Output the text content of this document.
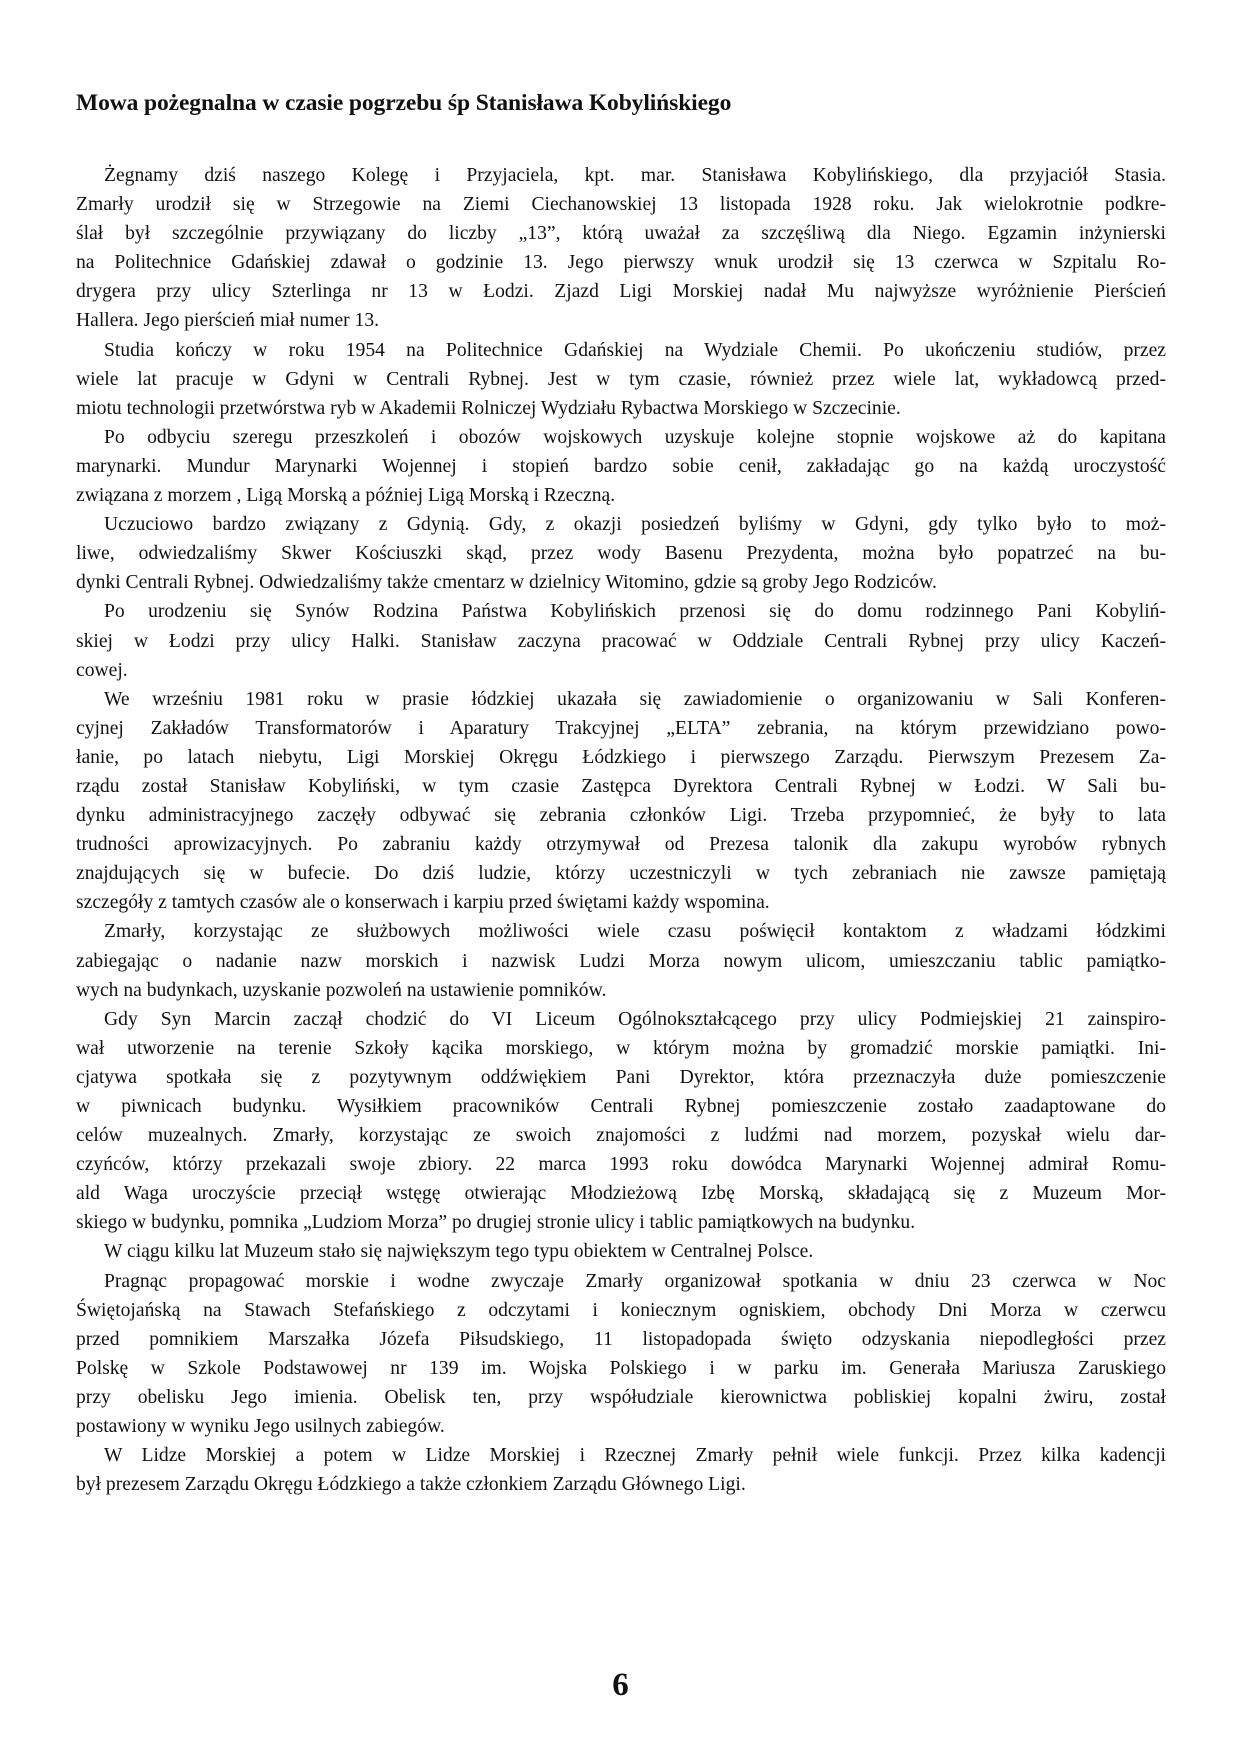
Mowa pożegnalna w czasie pogrzebu śp Stanisława Kobylińskiego
Żegnamy dziś naszego Kolegę i Przyjaciela, kpt. mar. Stanisława Kobylińskiego, dla przyjaciół Stasia.
Zmarły urodził się w Strzegowie na Ziemi Ciechanowskiej 13 listopada 1928 roku. Jak wielokrotnie podkre-
ślał był szczególnie przywiązany do liczby „13”, którą uważał za szczęśliwą dla Niego. Egzamin inżynierski
na Politechnice Gdańskiej zdawał o godzinie 13. Jego pierwszy wnuk urodził się 13 czerwca w Szpitalu Ro-
drygera przy ulicy Szterlinga nr 13 w Łodzi. Zjazd Ligi Morskiej nadał Mu najwyższe wyróżnienie Pierścień
Hallera. Jego pierścień miał numer 13.
Studia kończy w roku 1954 na Politechnice Gdańskiej na Wydziale Chemii. Po ukończeniu studiów, przez
wiele lat pracuje w Gdyni w Centrali Rybnej. Jest w tym czasie, również przez wiele lat, wykładowcą przed-
miotu technologii przetwórstwa ryb w Akademii Rolniczej Wydziału Rybactwa Morskiego w Szczecinie.
Po odbyciu szeregu przeszkoleń i obozów wojskowych uzyskuje kolejne stopnie wojskowe aż do kapitana
marynarki. Mundur Marynarki Wojennej i stopień bardzo sobie cenił, zakładając go na każdą uroczystość
związana z morzem , Ligą Morską a później Ligą Morską i Rzeczną.
Uczuciowo bardzo związany z Gdynią. Gdy, z okazji posiedzeń byliśmy w Gdyni, gdy tylko było to moż-
liwe, odwiedzaliśmy Skwer Kościuszki skąd, przez wody Basenu Prezydenta, można było popatrzeć na bu-
dynki Centrali Rybnej. Odwiedzaliśmy także cmentarz w dzielnicy Witomino, gdzie są groby Jego Rodziców.
Po urodzeniu się Synów Rodzina Państwa Kobylińskich przenosi się do domu rodzinnego Pani Kobyliń-
skiej w Łodzi przy ulicy Halki. Stanisław zaczyna pracować w Oddziale Centrali Rybnej przy ulicy Kaczeń-
cowej.
We wrześniu 1981 roku w prasie łódzkiej ukazała się zawiadomienie o organizowaniu w Sali Konferen-
cyjnej Zakładów Transformatorów i Aparatury Trakcyjnej „ELTA” zebrania, na którym przewidziano powo-
łanie, po latach niebytu, Ligi Morskiej Okręgu Łódzkiego i pierwszego Zarządu. Pierwszym Prezesem Za-
rządu został Stanisław Kobyliński, w tym czasie Zastępca Dyrektora Centrali Rybnej w Łodzi. W Sali bu-
dynku administracyjnego zaczęły odbywać się zebrania członków Ligi. Trzeba przypomnieć, że były to lata
trudności aprowizacyjnych. Po zabraniu każdy otrzymywał od Prezesa talonik dla zakupu wyrobów rybnych
znajdujących się w bufecie. Do dziś ludzie, którzy uczestniczyli w tych zebraniach nie zawsze pamiętają
szczegóły z tamtych czasów ale o konserwach i karpiu przed świętami każdy wspomina.
Zmarły, korzystając ze służbowych możliwości wiele czasu poświęcił kontaktom z władzami łódzkimi
zabiegając o nadanie nazw morskich i nazwisk Ludzi Morza nowym ulicom, umieszczaniu tablic pamiątko-
wych na budynkach, uzyskanie pozwoleń na ustawienie pomników.
Gdy Syn Marcin zaczął chodzić do VI Liceum Ogólnokształcącego przy ulicy Podmiejskiej 21 zainspiro-
wał utworzenie na terenie Szkoły kącika morskiego, w którym można by gromadzić morskie pamiątki. Ini-
cjatywa spotkała się z pozytywnym oddźwiękiem Pani Dyrektor, która przeznaczyła duże pomieszczenie
w piwnicach budynku. Wysiłkiem pracowników Centrali Rybnej pomieszczenie zostało zaadaptowane do
celów muzealnych. Zmarły, korzystając ze swoich znajomości z ludźmi nad morzem, pozyskał wielu dar-
czyńców, którzy przekazali swoje zbiory. 22 marca 1993 roku dowódca Marynarki Wojennej admirał Romu-
ald Waga uroczyście przeciął wstęgę otwierając Młodzieżową Izbę Morską, składającą się z Muzeum Mor-
skiego w budynku, pomnika „Ludziom Morza” po drugiej stronie ulicy i tablic pamiątkowych na budynku.
W ciągu kilku lat Muzeum stało się największym tego typu obiektem w Centralnej Polsce.
Pragnąc propagować morskie i wodne zwyczaje Zmarły organizował spotkania w dniu 23 czerwca w Noc
Świętojańską na Stawach Stefańskiego z odczytami i koniecznym ogniskiem, obchody Dni Morza w czerwcu
przed pomnikiem Marszałka Józefa Piłsudskiego, 11 listopadopada święto odzyskania niepodległości przez
Polskę w Szkole Podstawowej nr 139 im. Wojska Polskiego i w parku im. Generała Mariusza Zaruskiego
przy obelisku Jego imienia. Obelisk ten, przy współudziale kierownictwa pobliskiej kopalni żwiru, został
postawiony w wyniku Jego usilnych zabiegów.
W Lidze Morskiej a potem w Lidze Morskiej i Rzecznej Zmarły pełnił wiele funkcji. Przez kilka kadencji
był prezesem Zarządu Okręgu Łódzkiego a także członkiem Zarządu Głównego Ligi.
6
